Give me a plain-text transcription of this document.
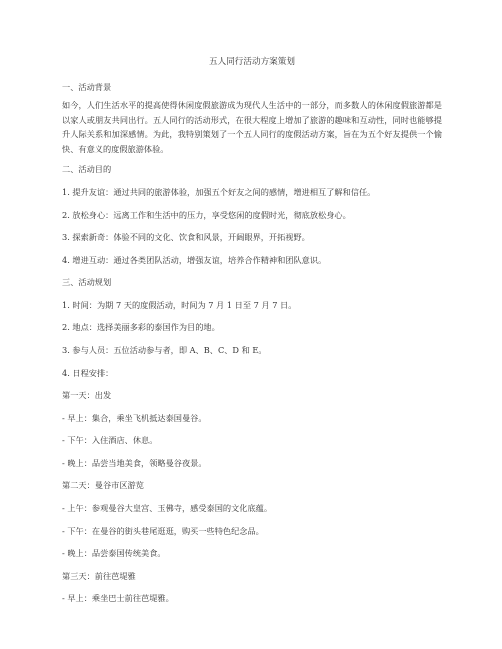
五人同行活动方案策划
一、活动背景
如今，人们生活水平的提高使得休闲度假旅游成为现代人生活中的一部分，而多数人的休闲度假旅游都是以家人或朋友共同出行。五人同行的活动形式，在很大程度上增加了旅游的趣味和互动性，同时也能够提升人际关系和加深感情。为此，我特别策划了一个五人同行的度假活动方案，旨在为五个好友提供一个愉快、有意义的度假旅游体验。
二、活动目的
1. 提升友谊：通过共同的旅游体验，加强五个好友之间的感情，增进相互了解和信任。
2. 放松身心：远离工作和生活中的压力，享受悠闲的度假时光，彻底放松身心。
3. 探索新奇：体验不同的文化、饮食和风景，开阔眼界，开拓视野。
4. 增进互动：通过各类团队活动，增强友谊，培养合作精神和团队意识。
三、活动规划
1. 时间：为期 7 天的度假活动，时间为 7 月 1 日至 7 月 7 日。
2. 地点：选择美丽多彩的泰国作为目的地。
3. 参与人员：五位活动参与者，即 A、B、C、D 和 E。
4. 日程安排：
第一天：出发
- 早上：集合，乘坐飞机抵达泰国曼谷。
- 下午：入住酒店、休息。
- 晚上：品尝当地美食，领略曼谷夜景。
第二天：曼谷市区游览
- 上午：参观曼谷大皇宫、玉佛寺，感受泰国的文化底蕴。
- 下午：在曼谷的街头巷尾逛逛，购买一些特色纪念品。
- 晚上：品尝泰国传统美食。
第三天：前往芭堤雅
- 早上：乘坐巴士前往芭堤雅。
